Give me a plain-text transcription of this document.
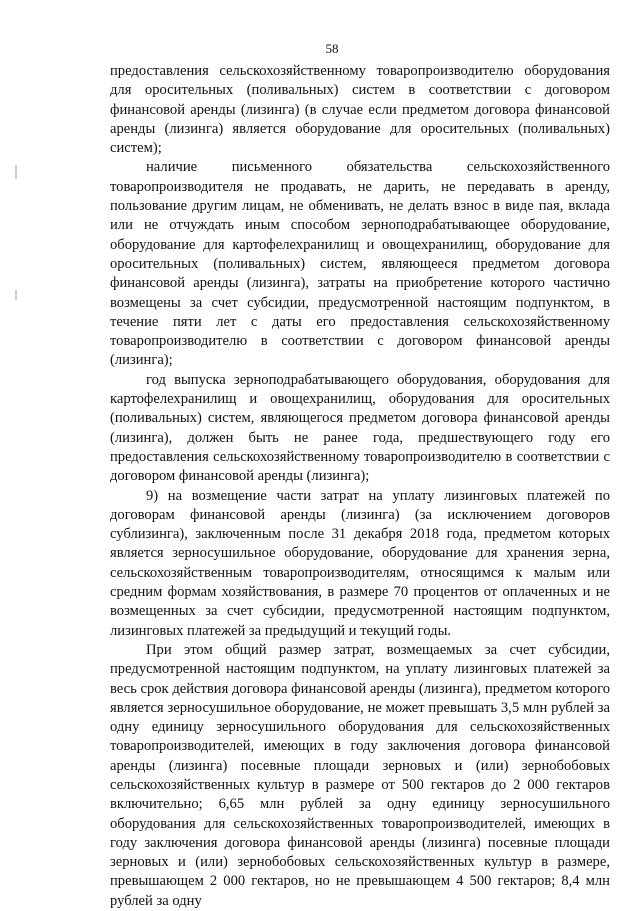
58

предоставления сельскохозяйственному товаропроизводителю оборудования для оросительных (поливальных) систем в соответствии с договором финансовой аренды (лизинга) (в случае если предметом договора финансовой аренды (лизинга) является оборудование для оросительных (поливальных) систем);

наличие письменного обязательства сельскохозяйственного товаропроизводителя не продавать, не дарить, не передавать в аренду, пользование другим лицам, не обменивать, не делать взнос в виде пая, вклада или не отчуждать иным способом зерноподрабатывающее оборудование, оборудование для картофелехранилищ и овощехранилищ, оборудование для оросительных (поливальных) систем, являющееся предметом договора финансовой аренды (лизинга), затраты на приобретение которого частично возмещены за счет субсидии, предусмотренной настоящим подпунктом, в течение пяти лет с даты его предоставления сельскохозяйственному товаропроизводителю в соответствии с договором финансовой аренды (лизинга);

год выпуска зерноподрабатывающего оборудования, оборудования для картофелехранилищ и овощехранилищ, оборудования для оросительных (поливальных) систем, являющегося предметом договора финансовой аренды (лизинга), должен быть не ранее года, предшествующего году его предоставления сельскохозяйственному товаропроизводителю в соответствии с договором финансовой аренды (лизинга);

9) на возмещение части затрат на уплату лизинговых платежей по договорам финансовой аренды (лизинга) (за исключением договоров сублизинга), заключенным после 31 декабря 2018 года, предметом которых является зерносушильное оборудование, оборудование для хранения зерна, сельскохозяйственным товаропроизводителям, относящимся к малым или средним формам хозяйствования, в размере 70 процентов от оплаченных и не возмещенных за счет субсидии, предусмотренной настоящим подпунктом, лизинговых платежей за предыдущий и текущий годы.

При этом общий размер затрат, возмещаемых за счет субсидии, предусмотренной настоящим подпунктом, на уплату лизинговых платежей за весь срок действия договора финансовой аренды (лизинга), предметом которого является зерносушильное оборудование, не может превышать 3,5 млн рублей за одну единицу зерносушильного оборудования для сельскохозяйственных товаропроизводителей, имеющих в году заключения договора финансовой аренды (лизинга) посевные площади зерновых и (или) зернобобовых сельскохозяйственных культур в размере от 500 гектаров до 2 000 гектаров включительно; 6,65 млн рублей за одну единицу зерносушильного оборудования для сельскохозяйственных товаропроизводителей, имеющих в году заключения договора финансовой аренды (лизинга) посевные площади зерновых и (или) зернобобовых сельскохозяйственных культур в размере, превышающем 2 000 гектаров, но не превышающем 4 500 гектаров; 8,4 млн рублей за одну
